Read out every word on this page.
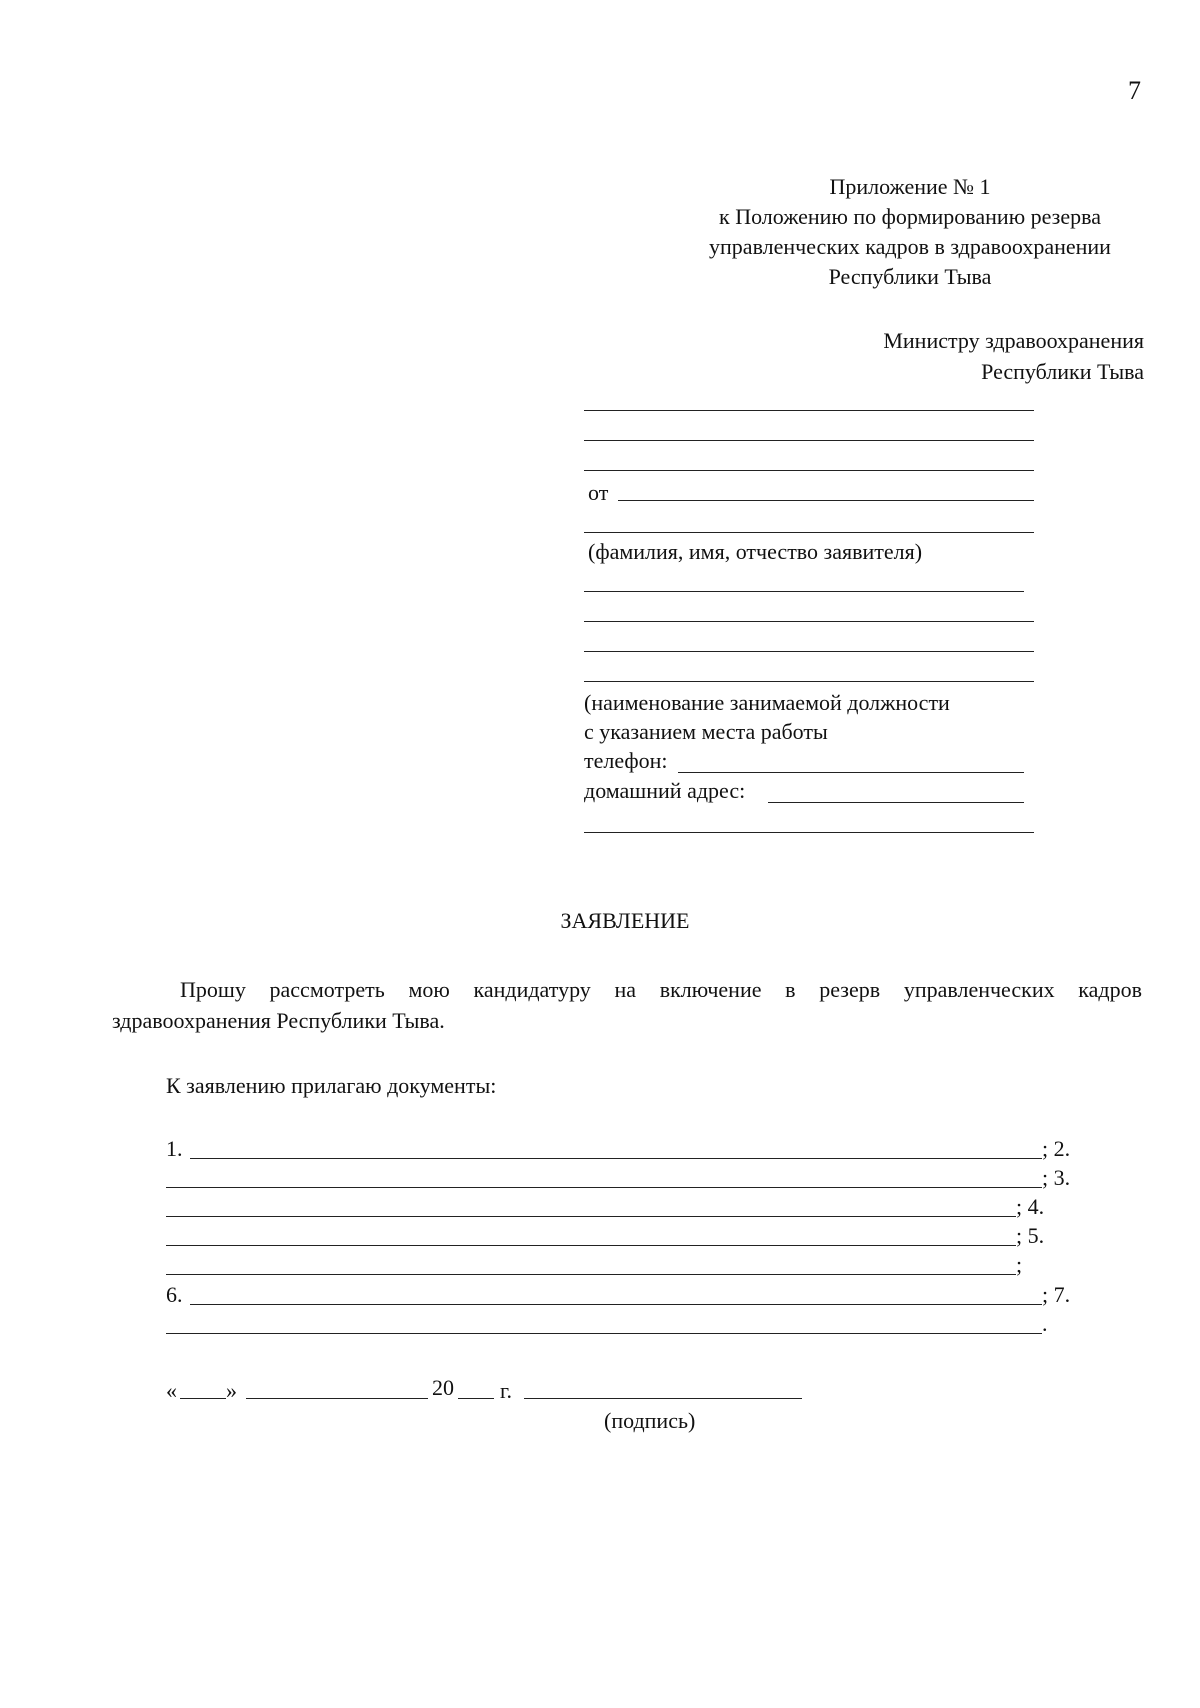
7
Приложение № 1
к Положению по формированию резерва
управленческих кадров в здравоохранении
Республики Тыва
Министру здравоохранения
Республики Тыва
от
(фамилия, имя, отчество заявителя)
(наименование занимаемой должности
с указанием места работы
телефон:
домашний адрес:
ЗАЯВЛЕНИЕ
Прошу рассмотреть мою кандидатуру на включение в резерв управленческих кадров
здравоохранения Республики Тыва.
К заявлению прилагаю документы:
1.	; 2.
; 3.
; 4.
; 5.
;
6.	; 7.
.
« »	20 г.
(подпись)
